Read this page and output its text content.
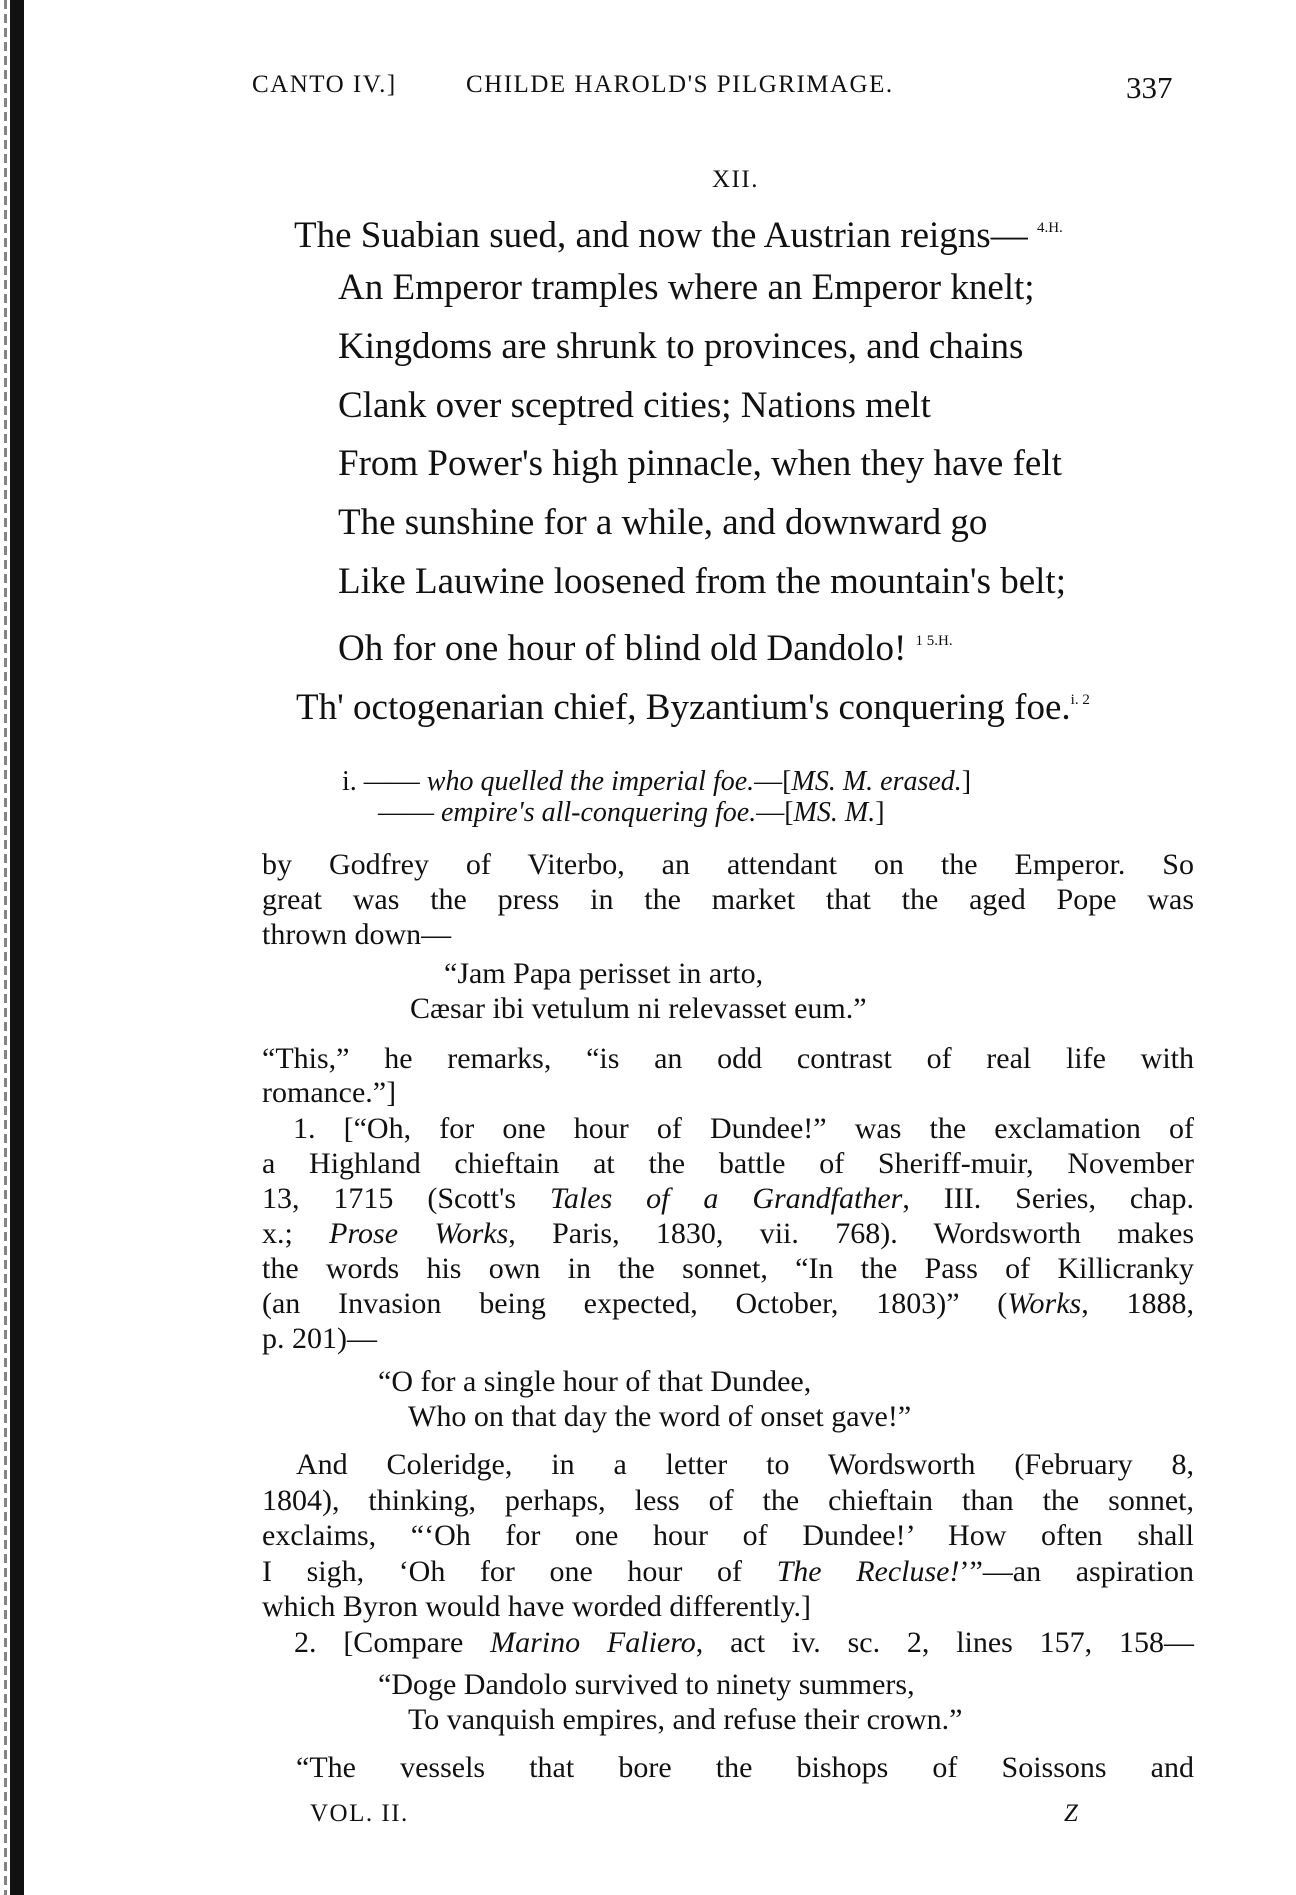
CANTO IV.]	CHILDE HAROLD'S PILGRIMAGE.	337
XII.
The Suabian sued, and now the Austrian reigns— $^{4.H.}$
An Emperor tramples where an Emperor knelt;
Kingdoms are shrunk to provinces, and chains
Clank over sceptred cities; Nations melt
From Power's high pinnacle, when they have felt
The sunshine for a while, and downward go
Like Lauwine loosened from the mountain's belt;
Oh for one hour of blind old Dandolo! $^{1 5.H.}$
Th' octogenarian chief, Byzantium's conquering foe.$^{i. 2}$
i. —— who quelled the imperial foe.—[MS. M. erased.]
—— empire's all-conquering foe.—[MS. M.]
by Godfrey of Viterbo, an attendant on the Emperor. So
great was the press in the market that the aged Pope was
thrown down—
“Jam Papa perisset in arto,
Cæsar ibi vetulum ni relevasset eum.”
“This,” he remarks, “is an odd contrast of real life with
romance.”]
1. [“Oh, for one hour of Dundee!” was the exclamation of
a Highland chieftain at the battle of Sheriff-muir, November
13, 1715 (Scott's Tales of a Grandfather, III. Series, chap.
x.; Prose Works, Paris, 1830, vii. 768). Wordsworth makes
the words his own in the sonnet, “In the Pass of Killicranky
(an Invasion being expected, October, 1803)” (Works, 1888,
p. 201)—
“O for a single hour of that Dundee,
Who on that day the word of onset gave!”
And Coleridge, in a letter to Wordsworth (February 8,
1804), thinking, perhaps, less of the chieftain than the sonnet,
exclaims, “‘Oh for one hour of Dundee!’ How often shall
I sigh, ‘Oh for one hour of The Recluse!’”—an aspiration
which Byron would have worded differently.]
2. [Compare Marino Faliero, act iv. sc. 2, lines 157, 158—
“Doge Dandolo survived to ninety summers,
To vanquish empires, and refuse their crown.”
“The vessels that bore the bishops of Soissons and
VOL. II.	Z
